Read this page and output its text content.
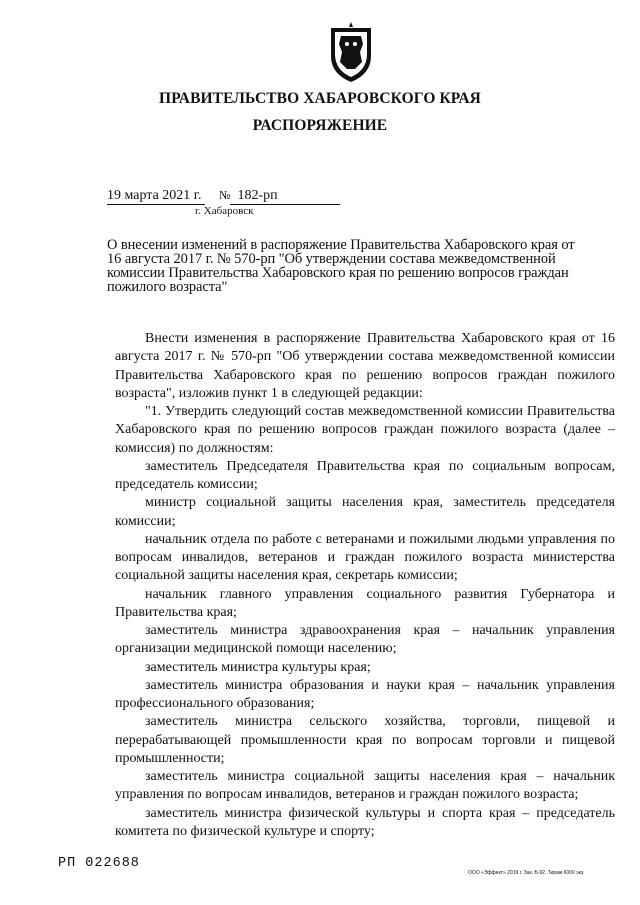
ПРАВИТЕЛЬСТВО ХАБАРОВСКОГО КРАЯ
РАСПОРЯЖЕНИЕ
19 марта 2021 г. № 182-рп
г. Хабаровск
О внесении изменений в распоряжение Правительства Хабаровского края от
16 августа 2017 г. № 570-рп "Об утверждении состава межведомственной
комиссии Правительства Хабаровского края по решению вопросов граждан
пожилого возраста"

Внести изменения в распоряжение Правительства Хабаровского края от 16 августа 2017 г. № 570-рп "Об утверждении состава межведомственной комиссии Правительства Хабаровского края по решению вопросов граждан пожилого возраста", изложив пункт 1 в следующей редакции:

"1. Утвердить следующий состав межведомственной комиссии Правительства Хабаровского края по решению вопросов граждан пожилого возраста (далее – комиссия) по должностям:

заместитель Председателя Правительства края по социальным вопросам, председатель комиссии;

министр социальной защиты населения края, заместитель председателя комиссии;

начальник отдела по работе с ветеранами и пожилыми людьми управления по вопросам инвалидов, ветеранов и граждан пожилого возраста министерства социальной защиты населения края, секретарь комиссии;

начальник главного управления социального развития Губернатора и Правительства края;

заместитель министра здравоохранения края – начальник управления организации медицинской помощи населению;

заместитель министра культуры края;

заместитель министра образования и науки края – начальник управления профессионального образования;

заместитель министра сельского хозяйства, торговли, пищевой и перерабатывающей промышленности края по вопросам торговли и пищевой промышленности;

заместитель министра социальной защиты населения края – начальник управления по вопросам инвалидов, ветеранов и граждан пожилого возраста;

заместитель министра физической культуры и спорта края – председатель комитета по физической культуре и спорту;

РП 022688
ООО «Эффект» 2019 г. Зак. Б-92. Тираж 6000 экз.
